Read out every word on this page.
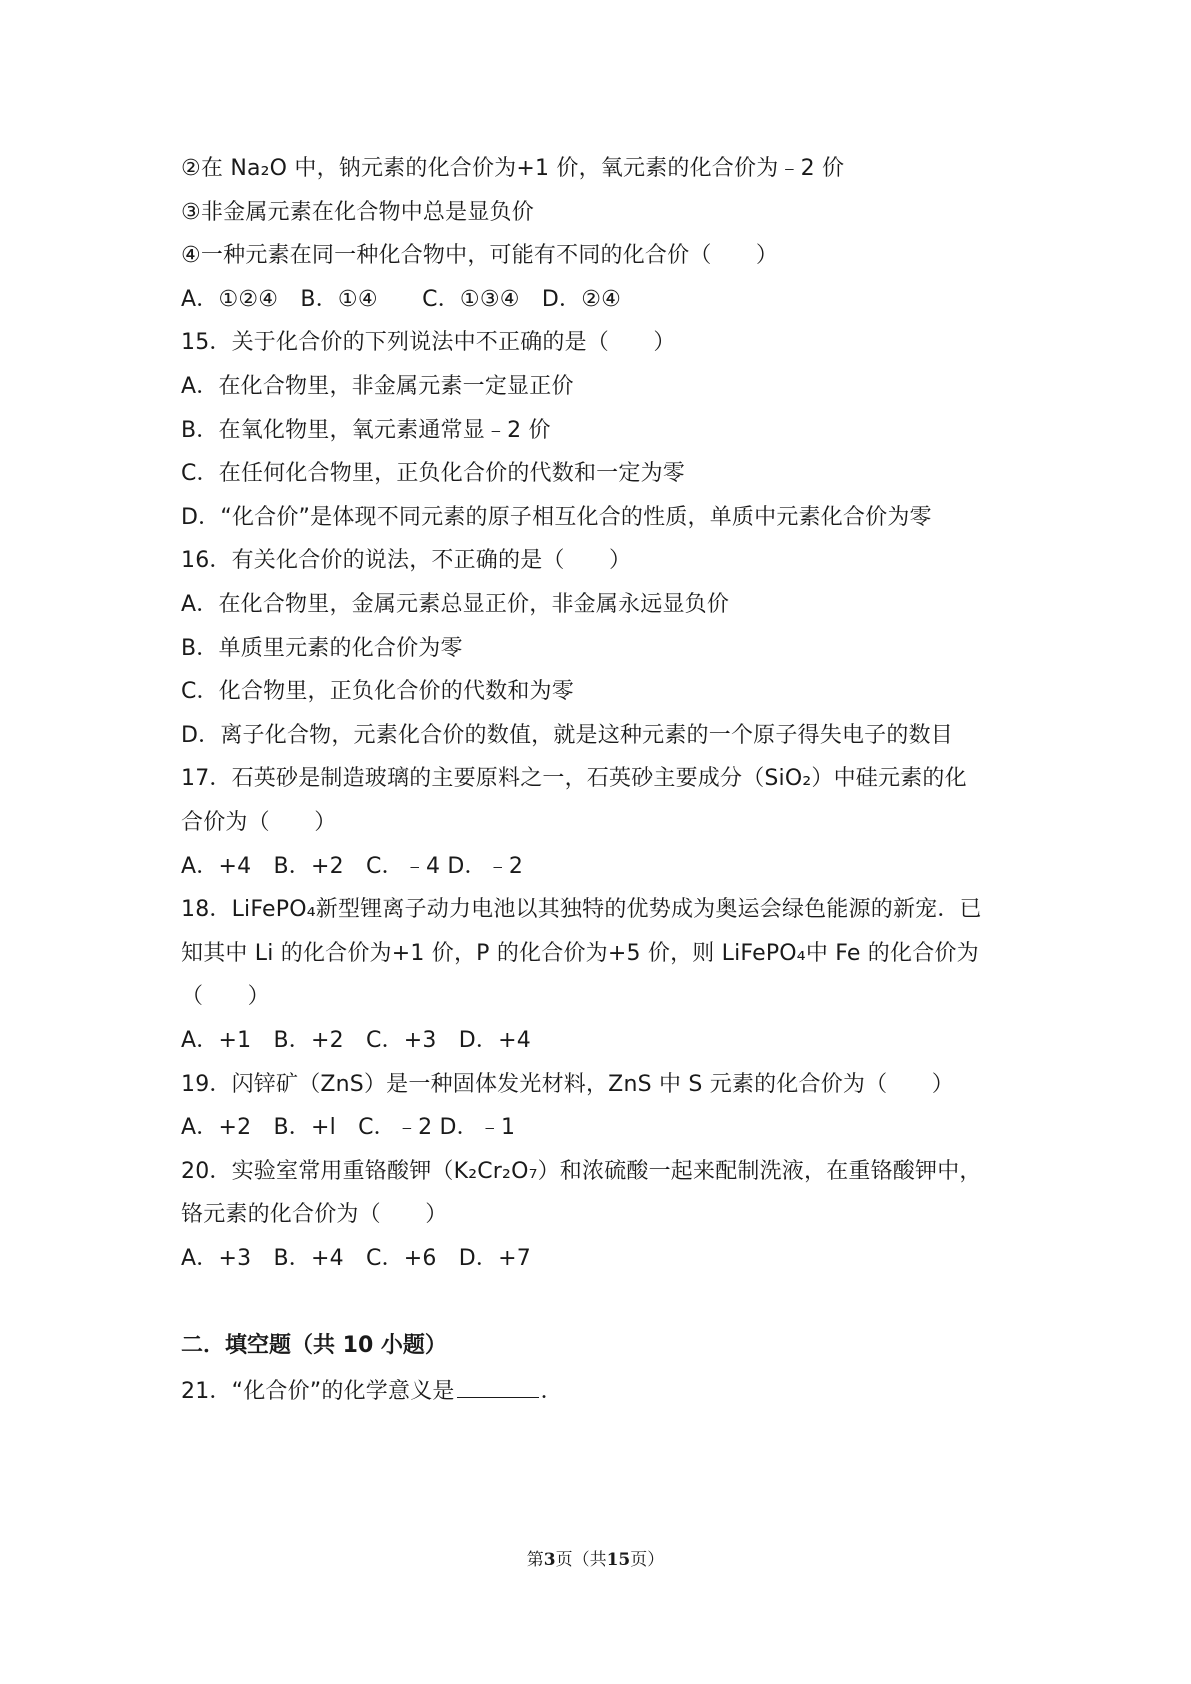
②在 Na₂O 中，钠元素的化合价为+1 价，氧元素的化合价为﹣2 价
③非金属元素在化合物中总是显负价
④一种元素在同一种化合物中，可能有不同的化合价（　　）
A．①②④　B．①④　　C．①③④　D．②④
15．关于化合价的下列说法中不正确的是（　　）
A．在化合物里，非金属元素一定显正价
B．在氧化物里，氧元素通常显﹣2 价
C．在任何化合物里，正负化合价的代数和一定为零
D．“化合价”是体现不同元素的原子相互化合的性质，单质中元素化合价为零
16．有关化合价的说法，不正确的是（　　）
A．在化合物里，金属元素总显正价，非金属永远显负价
B．单质里元素的化合价为零
C．化合物里，正负化合价的代数和为零
D．离子化合物，元素化合价的数值，就是这种元素的一个原子得失电子的数目
17．石英砂是制造玻璃的主要原料之一，石英砂主要成分（SiO₂）中硅元素的化
合价为（　　）
A．+4　B．+2　C．﹣4 D．﹣2
18．LiFePO₄新型锂离子动力电池以其独特的优势成为奥运会绿色能源的新宠．已
知其中 Li 的化合价为+1 价，P 的化合价为+5 价，则 LiFePO₄中 Fe 的化合价为
（　　）
A．+1　B．+2　C．+3　D．+4
19．闪锌矿（ZnS）是一种固体发光材料，ZnS 中 S 元素的化合价为（　　）
A．+2　B．+l　C．﹣2 D．﹣1
20．实验室常用重铬酸钾（K₂Cr₂O₇）和浓硫酸一起来配制洗液，在重铬酸钾中，
铬元素的化合价为（　　）
A．+3　B．+4　C．+6　D．+7
二．填空题（共 10 小题）
21．“化合价”的化学意义是	．
第3页（共15页）
